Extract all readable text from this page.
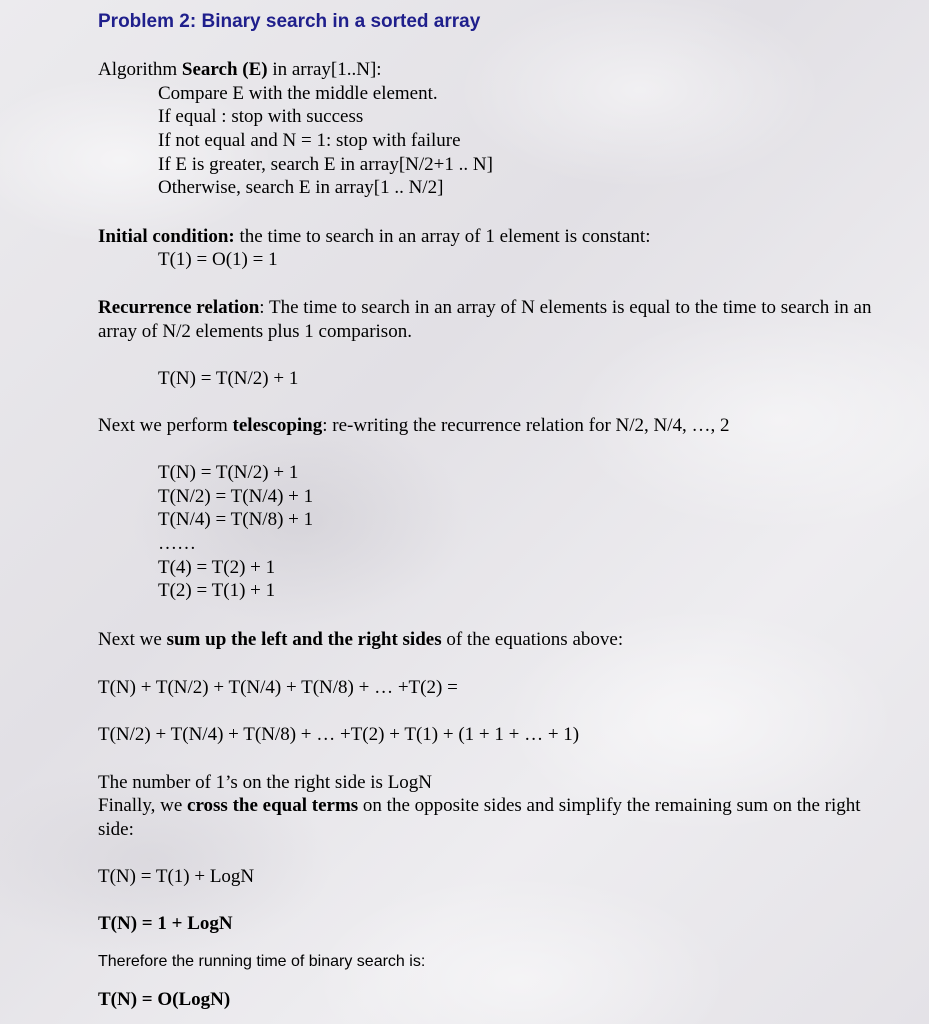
Problem 2: Binary search in a sorted array
Algorithm Search (E) in array[1..N]:
Compare E with the middle element.
If equal : stop with success
If not equal and N = 1: stop with failure
If E is greater, search E in array[N/2+1 .. N]
Otherwise, search E in array[1 .. N/2]
Initial condition: the time to search in an array of 1 element is constant:
T(1) = O(1) = 1
Recurrence relation: The time to search in an array of N elements is equal to the time to search in an
array of N/2 elements plus 1 comparison.
T(N) = T(N/2) + 1
Next we perform telescoping: re-writing the recurrence relation for N/2, N/4, …, 2
T(N) = T(N/2) + 1
T(N/2) = T(N/4) + 1
T(N/4) = T(N/8) + 1
……
T(4) = T(2) + 1
T(2) = T(1) + 1
Next we sum up the left and the right sides of the equations above:
T(N) + T(N/2) + T(N/4) + T(N/8) + … +T(2) =
T(N/2) + T(N/4) + T(N/8) + … +T(2) + T(1) + (1 + 1 + … + 1)
The number of 1’s on the right side is LogN
Finally, we cross the equal terms on the opposite sides and simplify the remaining sum on the right
side:
T(N) = T(1) + LogN
T(N) = 1 + LogN
Therefore the running time of binary search is:
T(N) = O(LogN)
